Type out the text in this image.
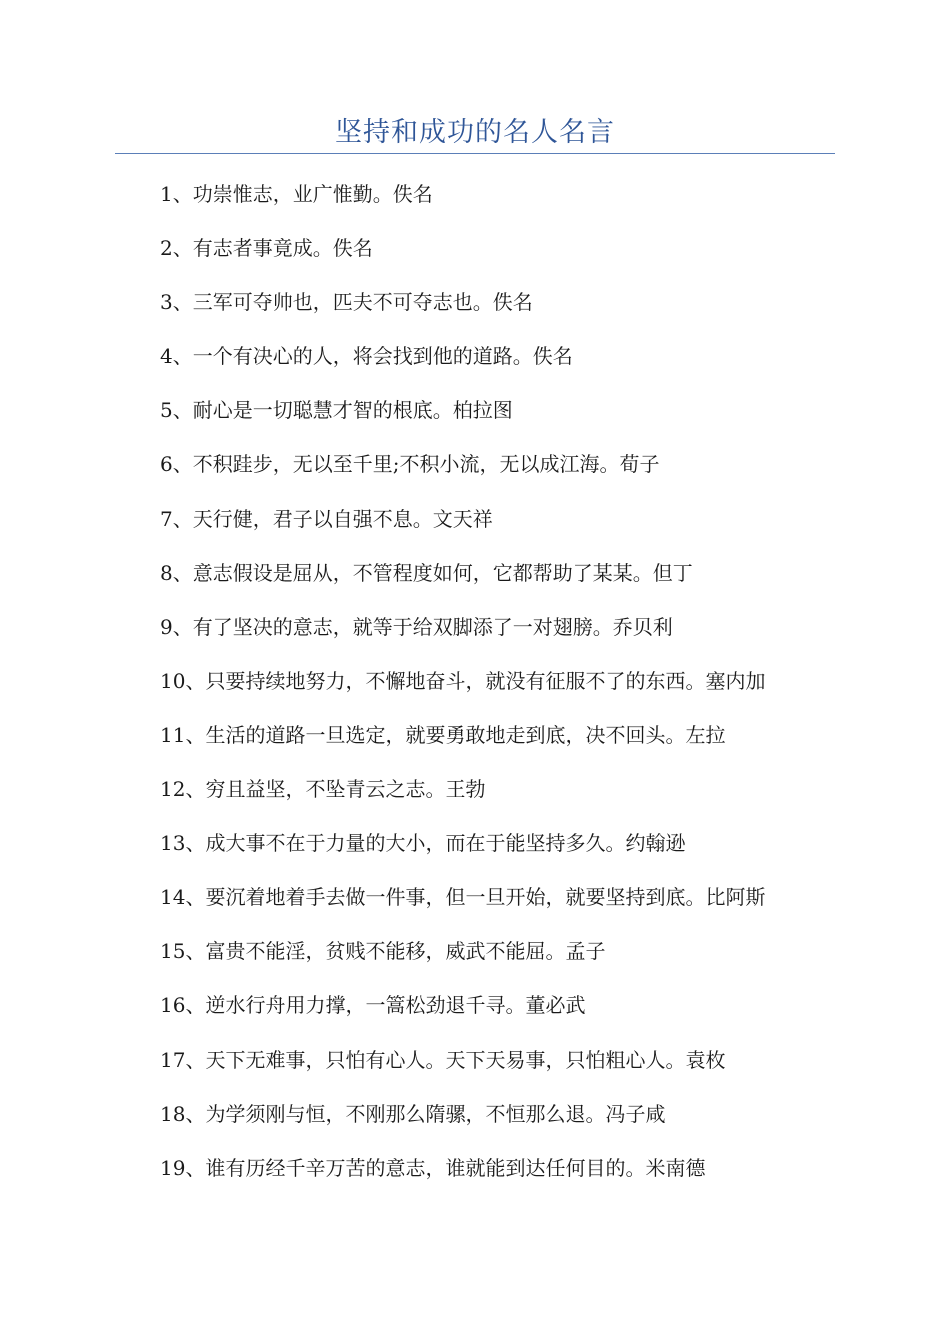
坚持和成功的名人名言
1、功崇惟志，业广惟勤。佚名
2、有志者事竟成。佚名
3、三军可夺帅也，匹夫不可夺志也。佚名
4、一个有决心的人，将会找到他的道路。佚名
5、耐心是一切聪慧才智的根底。柏拉图
6、不积跬步，无以至千里;不积小流，无以成江海。荀子
7、天行健，君子以自强不息。文天祥
8、意志假设是屈从，不管程度如何，它都帮助了某某。但丁
9、有了坚决的意志，就等于给双脚添了一对翅膀。乔贝利
10、只要持续地努力，不懈地奋斗，就没有征服不了的东西。塞内加
11、生活的道路一旦选定，就要勇敢地走到底，决不回头。左拉
12、穷且益坚，不坠青云之志。王勃
13、成大事不在于力量的大小，而在于能坚持多久。约翰逊
14、要沉着地着手去做一件事，但一旦开始，就要坚持到底。比阿斯
15、富贵不能淫，贫贱不能移，威武不能屈。孟子
16、逆水行舟用力撑，一篙松劲退千寻。董必武
17、天下无难事，只怕有心人。天下天易事，只怕粗心人。袁枚
18、为学须刚与恒，不刚那么隋骡，不恒那么退。冯子咸
19、谁有历经千辛万苦的意志，谁就能到达任何目的。米南德
